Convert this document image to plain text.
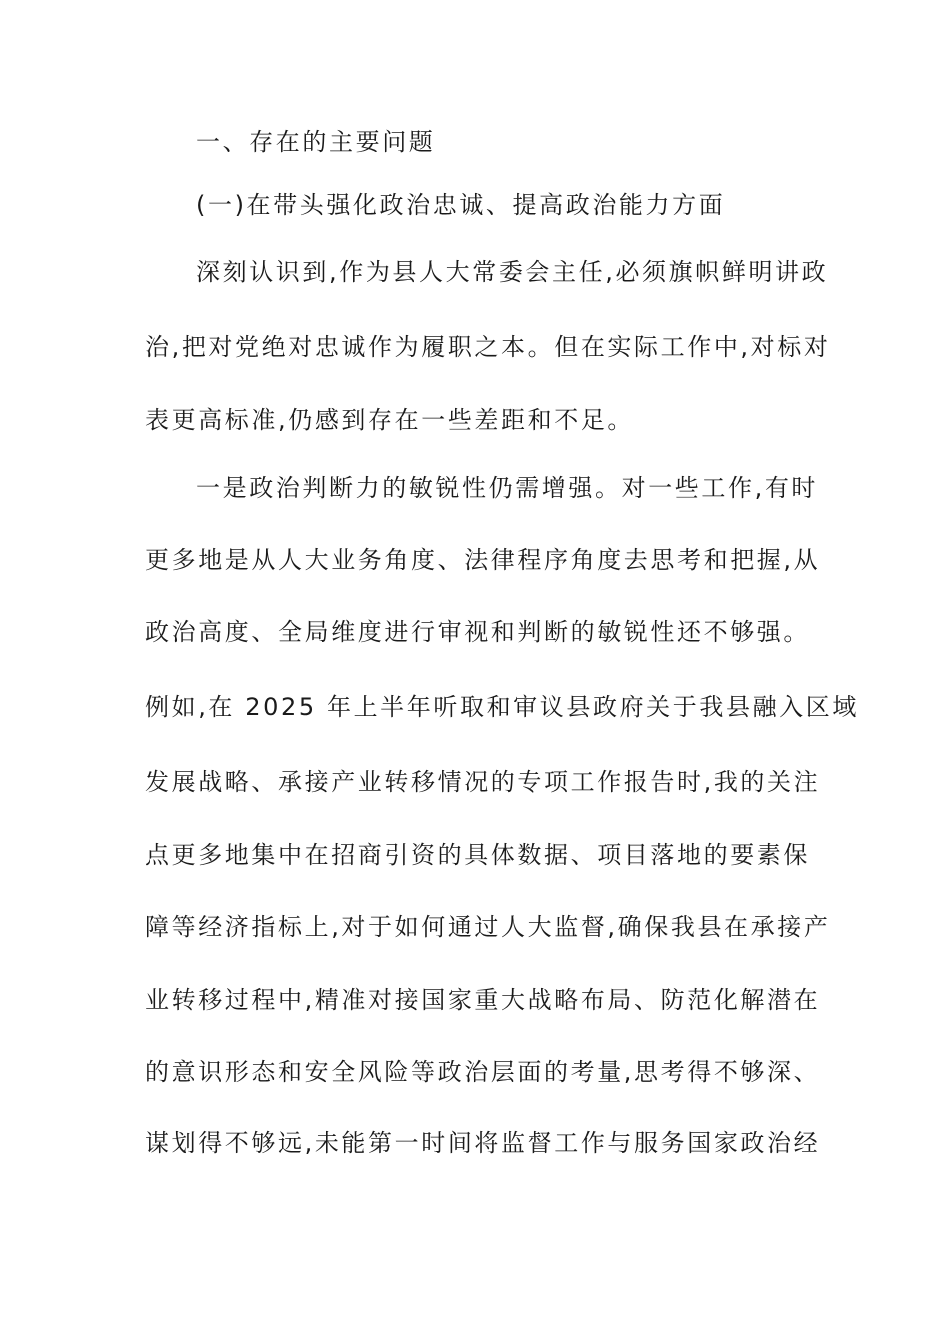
一、存在的主要问题
(一)在带头强化政治忠诚、提高政治能力方面
深刻认识到,作为县人大常委会主任,必须旗帜鲜明讲政
治,把对党绝对忠诚作为履职之本。但在实际工作中,对标对
表更高标准,仍感到存在一些差距和不足。
一是政治判断力的敏锐性仍需增强。对一些工作,有时
更多地是从人大业务角度、法律程序角度去思考和把握,从
政治高度、全局维度进行审视和判断的敏锐性还不够强。
例如,在 2025 年上半年听取和审议县政府关于我县融入区域
发展战略、承接产业转移情况的专项工作报告时,我的关注
点更多地集中在招商引资的具体数据、项目落地的要素保
障等经济指标上,对于如何通过人大监督,确保我县在承接产
业转移过程中,精准对接国家重大战略布局、防范化解潜在
的意识形态和安全风险等政治层面的考量,思考得不够深、
谋划得不够远,未能第一时间将监督工作与服务国家政治经
